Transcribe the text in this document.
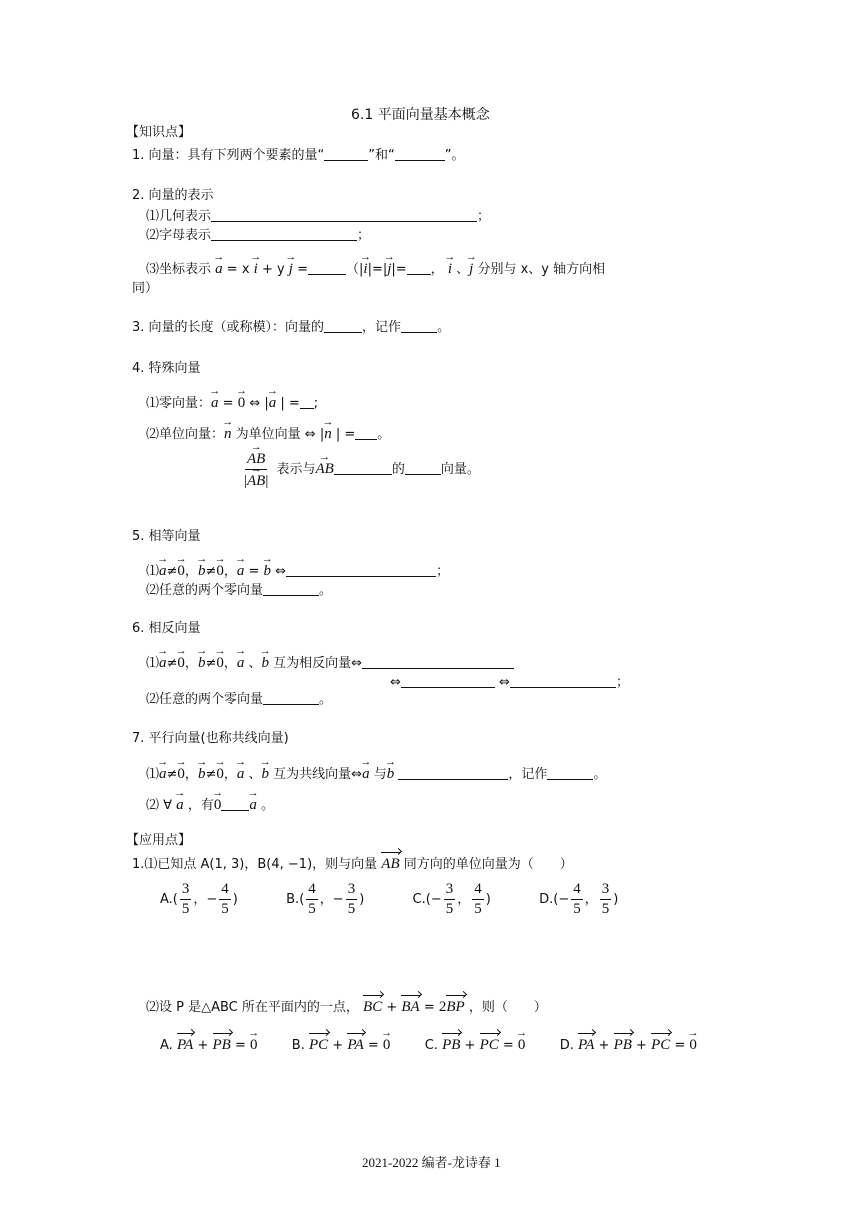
6.1 平面向量基本概念
【知识点】
1. 向量：具有下列两个要素的量“	”和“	”。
2. 向量的表示
⑴几何表示	；
⑵字母表示	；
⑶坐标表示 → a = x → i + y → j =	（|→ i|=|→ j|= ， → i 、→ j 分别与 x、y 轴方向相
同）
3. 向量的长度（或称模）：向量的	，记作	。
4. 特殊向量
⑴零向量：→ a = → 0 ⇔ |→ a | = ;
⑵单位向量：→ n 为单位向量 ⇔ |→ n | = 。
→ $\frac{AB}{|\to AB|}$ 表示与→ AB	的	向量。
5. 相等向量
⑴→ a≠→ 0，→ b≠→ 0，→ a = → b ⇔	；
⑵任意的两个零向量	。
6. 相反向量
⑴→ a≠→ 0，→ b≠→ 0，→ a 、→ b 互为相反向量⇔
⇔	⇔	；
⑵任意的两个零向量	。
7. 平行向量(也称共线向量)
⑴→ a≠→ 0，→ b≠→ 0，→ a 、→ b 互为共线向量⇔→ a 与→ b	，记作	。
⑵ ∀ → a ，有→ 0 → a 。
【应用点】
1.⑴已知点 A(1, 3)，B(4, −1)，则与向量 AB 同方向的单位向量为（　　）
$A.( \frac{3}{5}$ ，− $\frac{4}{5}$ )	$B.( \frac{4}{5}$ ，− $\frac{3}{5}$ )	$C.(- \frac{3}{5}$ ， $\frac{4}{5}$ )	$D.(- \frac{4}{5}$ ， $\frac{3}{5}$ )
⑵设 P 是△ABC 所在平面内的一点， BC + BA = 2BP ，则（　　）
A. PA + PB = → 0	B. PC + PA = → 0	C. PB + PC = → 0	D. PA + PB + PC = → 0
2021-2022 编者-龙诗春 1
